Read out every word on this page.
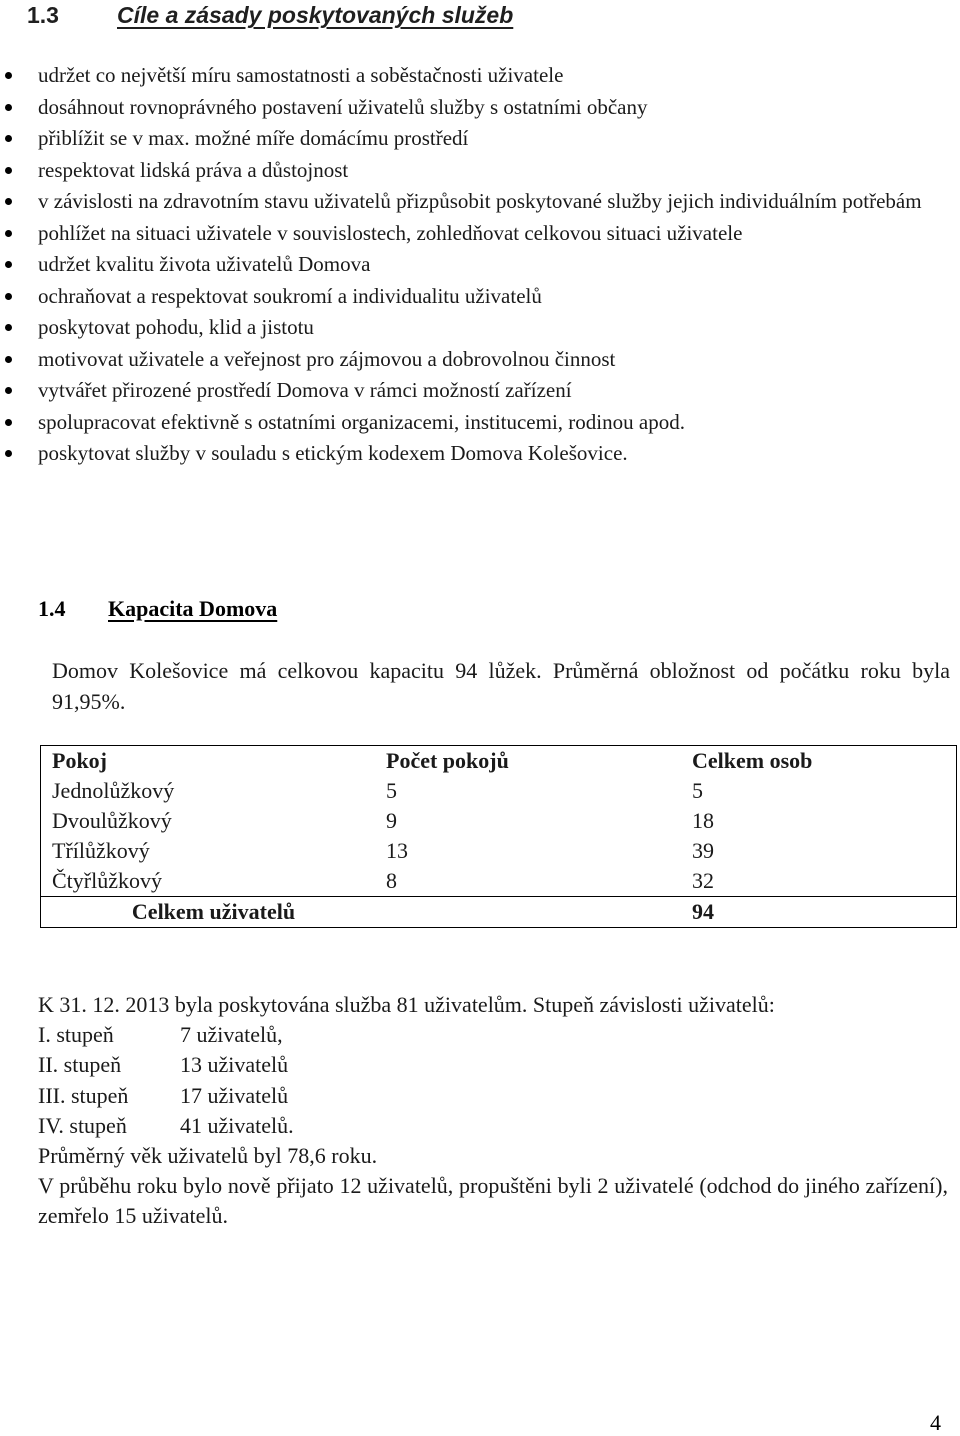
1.3	Cíle a zásady poskytovaných služeb
udržet co největší míru samostatnosti a soběstačnosti uživatele
dosáhnout rovnoprávného postavení uživatelů služby s ostatními občany
přiblížit se v max. možné míře domácímu prostředí
respektovat lidská práva a důstojnost
v závislosti na zdravotním stavu uživatelů přizpůsobit poskytované služby jejich individuálním potřebám
pohlížet na situaci uživatele v souvislostech, zohledňovat celkovou situaci uživatele
udržet kvalitu života uživatelů Domova
ochraňovat a respektovat soukromí a individualitu uživatelů
poskytovat pohodu, klid a jistotu
motivovat uživatele a veřejnost pro zájmovou a dobrovolnou činnost
vytvářet přirozené prostředí Domova v rámci možností zařízení
spolupracovat efektivně s ostatními organizacemi, institucemi, rodinou apod.
poskytovat služby v souladu s etickým kodexem Domova Kolešovice.
1.4 Kapacita Domova

Domov Kolešovice má celkovou kapacitu 94 lůžek. Průměrná obložnost od počátku roku byla 91,95%.

Pokoj	Počet pokojů	Celkem osob
Jednolůžkový	5	5
Dvoulůžkový	9	18
Třílůžkový	13	39
Čtyřlůžkový	8	32
Celkem uživatelů		94

K 31. 12. 2013 byla poskytována služba 81 uživatelům. Stupeň závislosti uživatelů:

I. stupeň	7 uživatelů,

II. stupeň	13 uživatelů

III. stupeň 17 uživatelů

IV. stupeň 41 uživatelů.

Průměrný věk uživatelů byl 78,6 roku.

V průběhu roku bylo nově přijato 12 uživatelů, propuštěni byli 2 uživatelé (odchod do jiného zařízení), zemřelo 15 uživatelů.

4
